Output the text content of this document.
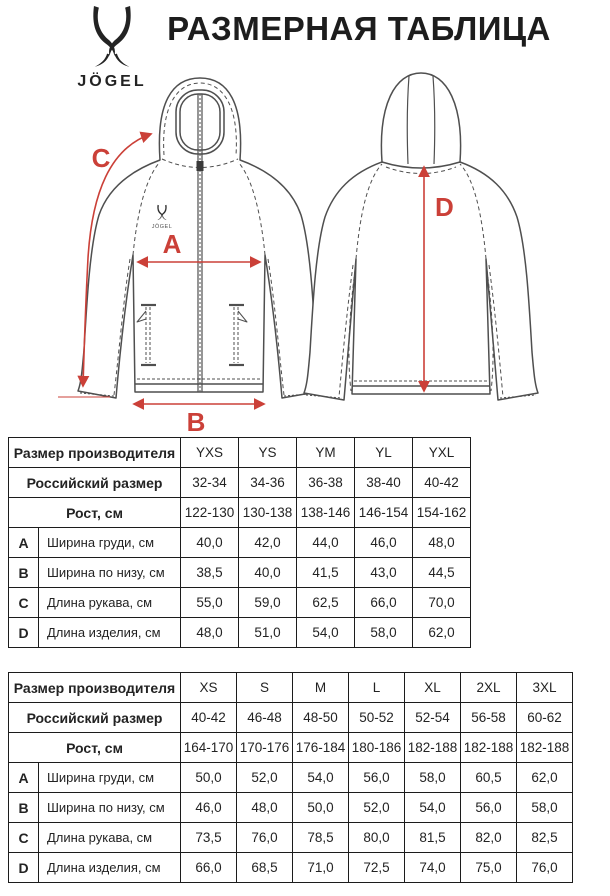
JÖGEL
РАЗМЕРНАЯ ТАБЛИЦА
JÖGEL
A
B
C
D
Размер производителя		YXS	YS	YM	YL	YXL
Российский размер		32-34	34-36	36-38	38-40	40-42
Рост, см		122-130	130-138	138-146	146-154	154-162
A	Ширина груди, см	40,0	42,0	44,0	46,0	48,0
B	Ширина по низу, см	38,5	40,0	41,5	43,0	44,5
C	Длина рукава, см	55,0	59,0	62,5	66,0	70,0
D	Длина изделия, см	48,0	51,0	54,0	58,0	62,0
Размер производителя		XS	S	M	L	XL	2XL	3XL
Российский размер		40-42	46-48	48-50	50-52	52-54	56-58	60-62
Рост, см		164-170	170-176	176-184	180-186	182-188	182-188	182-188
A	Ширина груди, см	50,0	52,0	54,0	56,0	58,0	60,5	62,0
B	Ширина по низу, см	46,0	48,0	50,0	52,0	54,0	56,0	58,0
C	Длина рукава, см	73,5	76,0	78,5	80,0	81,5	82,0	82,5
D	Длина изделия, см	66,0	68,5	71,0	72,5	74,0	75,0	76,0
